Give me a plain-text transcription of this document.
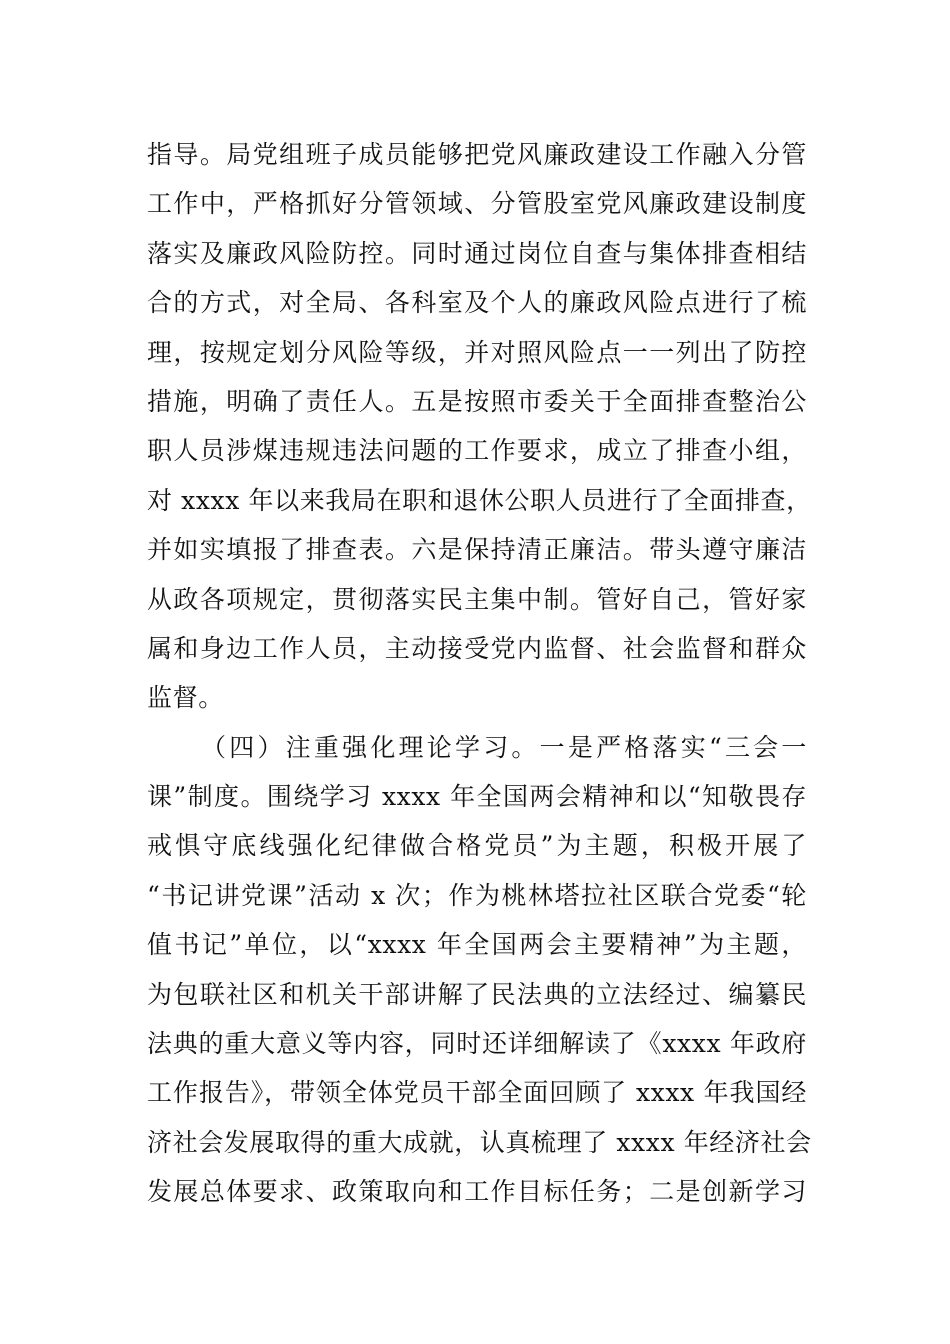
指导。局党组班子成员能够把党风廉政建设工作融入分管
工作中，严格抓好分管领域、分管股室党风廉政建设制度
落实及廉政风险防控。同时通过岗位自查与集体排查相结
合的方式，对全局、各科室及个人的廉政风险点进行了梳
理，按规定划分风险等级，并对照风险点一一列出了防控
措施，明确了责任人。五是按照市委关于全面排查整治公
职人员涉煤违规违法问题的工作要求，成立了排查小组，
对 xxxx 年以来我局在职和退休公职人员进行了全面排查，
并如实填报了排查表。六是保持清正廉洁。带头遵守廉洁
从政各项规定，贯彻落实民主集中制。管好自己，管好家
属和身边工作人员，主动接受党内监督、社会监督和群众
监督。
（四）注重强化理论学习。一是严格落实“三会一
课”制度。围绕学习 xxxx 年全国两会精神和以“知敬畏存
戒惧守底线强化纪律做合格党员”为主题，积极开展了
“书记讲党课”活动 x 次；作为桃林塔拉社区联合党委“轮
值书记”单位，以“xxxx 年全国两会主要精神”为主题，
为包联社区和机关干部讲解了民法典的立法经过、编纂民
法典的重大意义等内容，同时还详细解读了《xxxx 年政府
工作报告》，带领全体党员干部全面回顾了 xxxx 年我国经
济社会发展取得的重大成就，认真梳理了 xxxx 年经济社会
发展总体要求、政策取向和工作目标任务；二是创新学习
